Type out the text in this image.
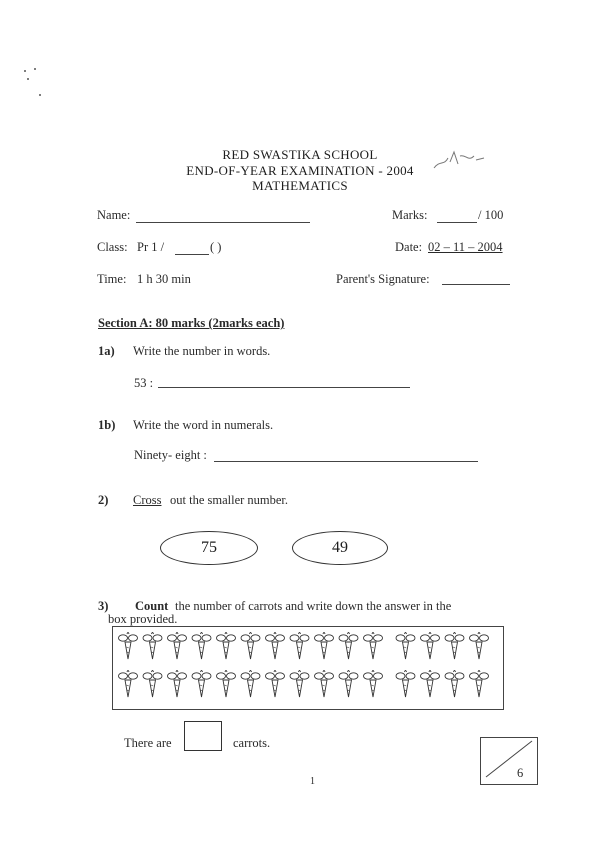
RED SWASTIKA SCHOOL
END-OF-YEAR EXAMINATION - 2004
MATHEMATICS
Name:	Marks:	/ 100
Class: Pr 1 /	( )	Date: 02 – 11 – 2004
Time: 1 h 30 min	Parent's Signature:
Section A: 80 marks (2marks each)
1a) Write the number in words.
53 :
1b) Write the word in numerals.
Ninety- eight :
2) Cross out the smaller number.
75	49
3) Count the number of carrots and write down the answer in the
box provided.
There are	carrots.
6
1
